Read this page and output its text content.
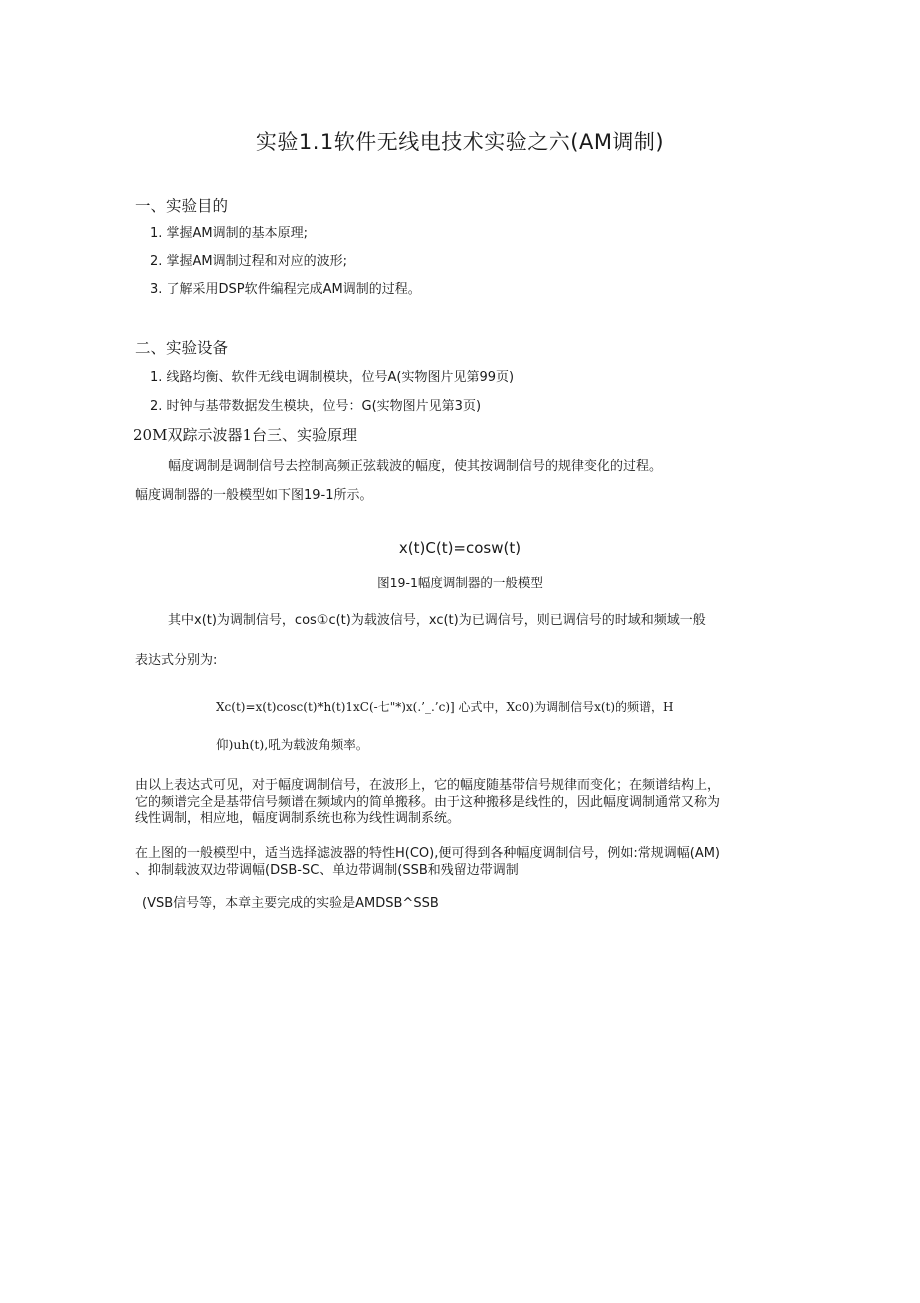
实验1.1软件无线电技术实验之六(AM调制)
一、实验目的
1. 掌握AM调制的基本原理;
2. 掌握AM调制过程和对应的波形;
3. 了解采用DSP软件编程完成AM调制的过程。
二、实验设备
1. 线路均衡、软件无线电调制模块，位号A(实物图片见第99页)
2. 时钟与基带数据发生模块，位号：G(实物图片见第3页)
20M双踪示波器1台三、实验原理
幅度调制是调制信号去控制高频正弦载波的幅度，使其按调制信号的规律变化的过程。
幅度调制器的一般模型如下图19-1所示。
x(t)C(t)=cosw(t)
图19-1幅度调制器的一般模型
其中x(t)为调制信号，cos①c(t)为载波信号，xc(t)为已调信号，则已调信号的时域和频域一般
表达式分别为:
Xc(t)=x(t)cosc(t)*h(t)1xC(-七"*)x(.’_.’c)] 心式中，Xc0)为调制信号x(t)的频谱，H
仰)uh(t),吼为载波角频率。
由以上表达式可见，对于幅度调制信号，在波形上，它的幅度随基带信号规律而变化；在频谱结构上，
它的频谱完全是基带信号频谱在频域内的简单搬移。由于这种搬移是线性的，因此幅度调制通常又称为
线性调制，相应地，幅度调制系统也称为线性调制系统。
在上图的一般模型中，适当选择滤波器的特性H(CO),便可得到各种幅度调制信号，例如:常规调幅(AM)
、抑制载波双边带调幅(DSB-SC、单边带调制(SSB和残留边带调制
(VSB信号等，本章主要完成的实验是AMDSB^SSB
